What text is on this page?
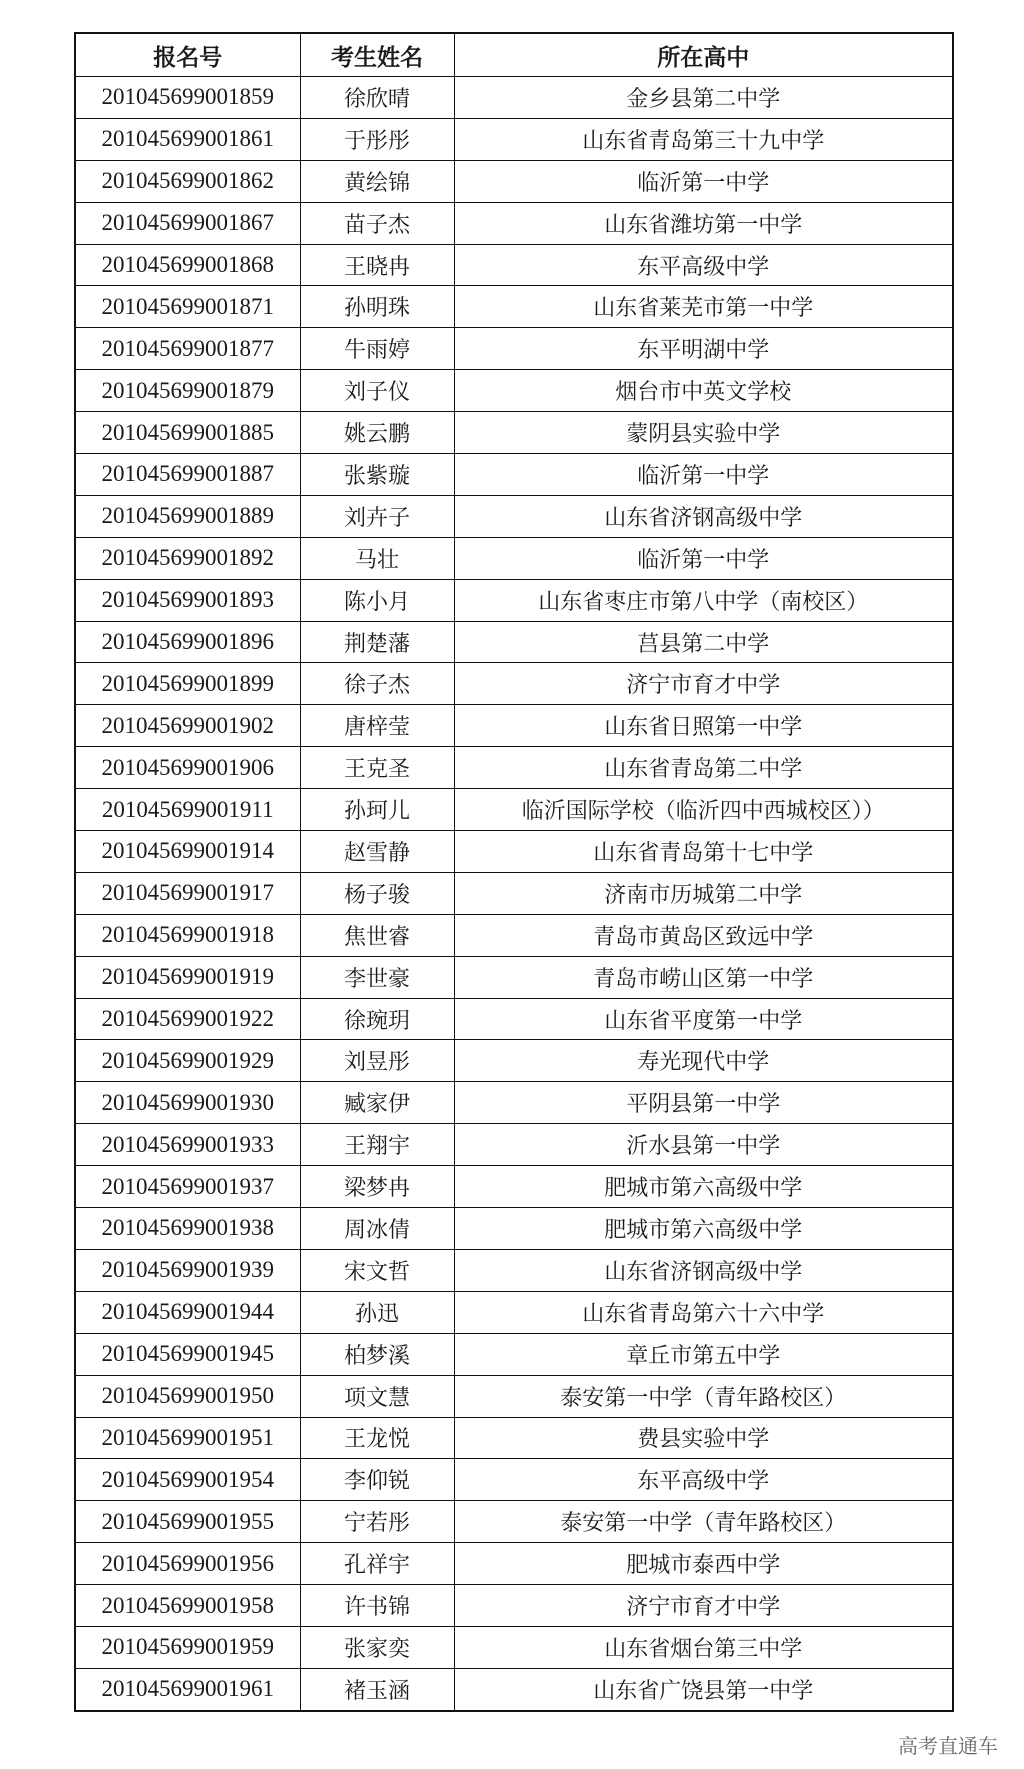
报名号	考生姓名	所在高中
201045699001859	徐欣晴	金乡县第二中学
201045699001861	于彤彤	山东省青岛第三十九中学
201045699001862	黄绘锦	临沂第一中学
201045699001867	苗子杰	山东省潍坊第一中学
201045699001868	王晓冉	东平高级中学
201045699001871	孙明珠	山东省莱芜市第一中学
201045699001877	牛雨婷	东平明湖中学
201045699001879	刘子仪	烟台市中英文学校
201045699001885	姚云鹏	蒙阴县实验中学
201045699001887	张紫璇	临沂第一中学
201045699001889	刘卉子	山东省济钢高级中学
201045699001892	马壮	临沂第一中学
201045699001893	陈小月	山东省枣庄市第八中学（南校区）
201045699001896	荆楚藩	莒县第二中学
201045699001899	徐子杰	济宁市育才中学
201045699001902	唐梓莹	山东省日照第一中学
201045699001906	王克圣	山东省青岛第二中学
201045699001911	孙珂儿	临沂国际学校（临沂四中西城校区））
201045699001914	赵雪静	山东省青岛第十七中学
201045699001917	杨子骏	济南市历城第二中学
201045699001918	焦世睿	青岛市黄岛区致远中学
201045699001919	李世豪	青岛市崂山区第一中学
201045699001922	徐琬玥	山东省平度第一中学
201045699001929	刘昱彤	寿光现代中学
201045699001930	臧家伊	平阴县第一中学
201045699001933	王翔宇	沂水县第一中学
201045699001937	梁梦冉	肥城市第六高级中学
201045699001938	周冰倩	肥城市第六高级中学
201045699001939	宋文哲	山东省济钢高级中学
201045699001944	孙迅	山东省青岛第六十六中学
201045699001945	柏梦溪	章丘市第五中学
201045699001950	项文慧	泰安第一中学（青年路校区）
201045699001951	王龙悦	费县实验中学
201045699001954	李仰锐	东平高级中学
201045699001955	宁若彤	泰安第一中学（青年路校区）
201045699001956	孔祥宇	肥城市泰西中学
201045699001958	许书锦	济宁市育才中学
201045699001959	张家奕	山东省烟台第三中学
201045699001961	褚玉涵	山东省广饶县第一中学
高考直通车
